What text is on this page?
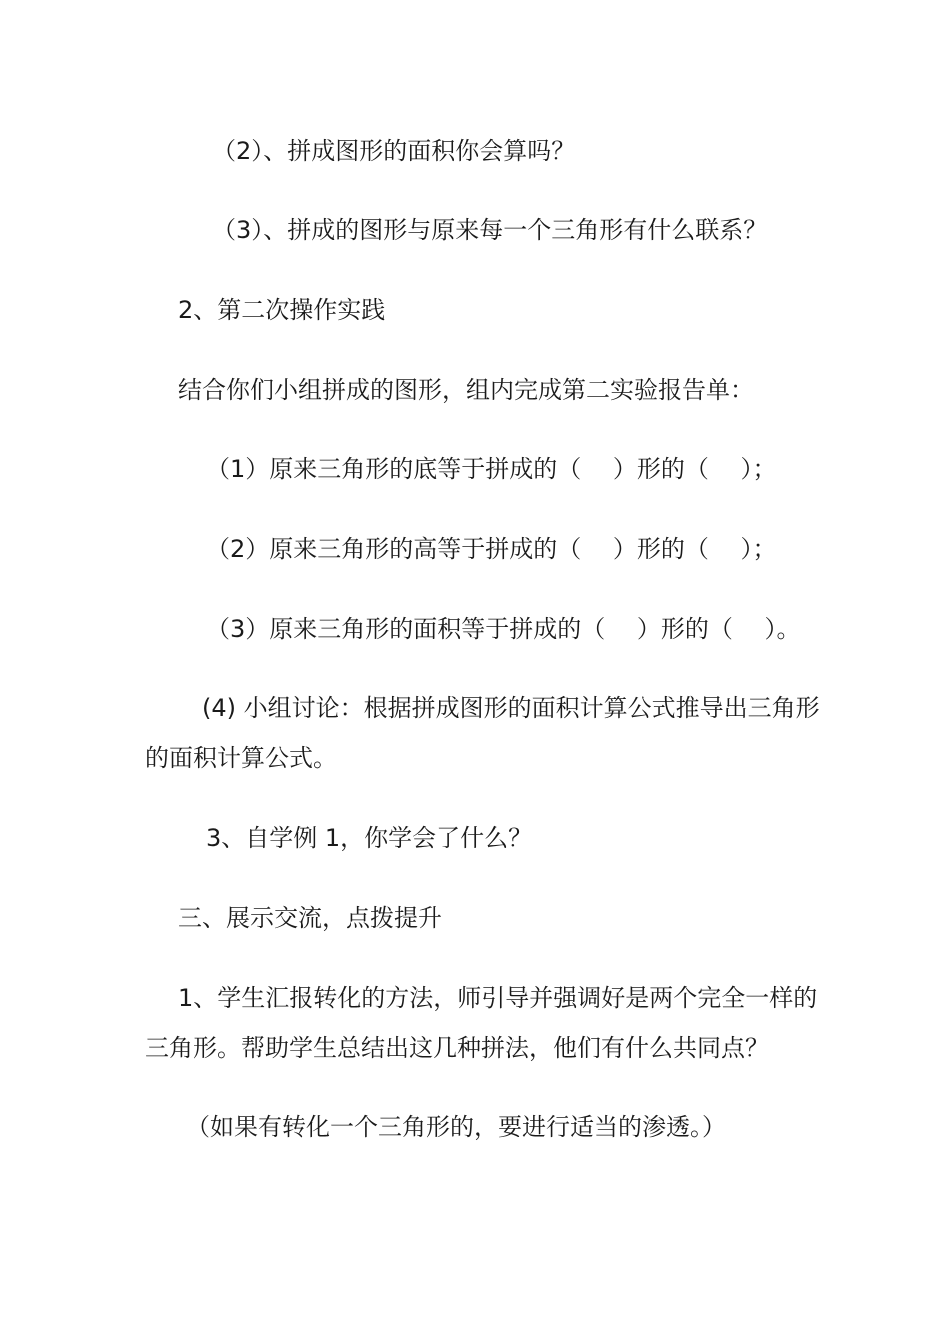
（2）、拼成图形的面积你会算吗？
（3）、拼成的图形与原来每一个三角形有什么联系？
2、第二次操作实践
结合你们小组拼成的图形，组内完成第二实验报告单：
（1）原来三角形的底等于拼成的（　 ）形的（　 ）；
（2）原来三角形的高等于拼成的（　 ）形的（　 ）；
（3）原来三角形的面积等于拼成的（　 ）形的（　 ）。
(4) 小组讨论：根据拼成图形的面积计算公式推导出三角形
的面积计算公式。
3、自学例 1，你学会了什么？
三、展示交流，点拨提升
1、学生汇报转化的方法，师引导并强调好是两个完全一样的
三角形。帮助学生总结出这几种拼法，他们有什么共同点？
（如果有转化一个三角形的，要进行适当的渗透。）
